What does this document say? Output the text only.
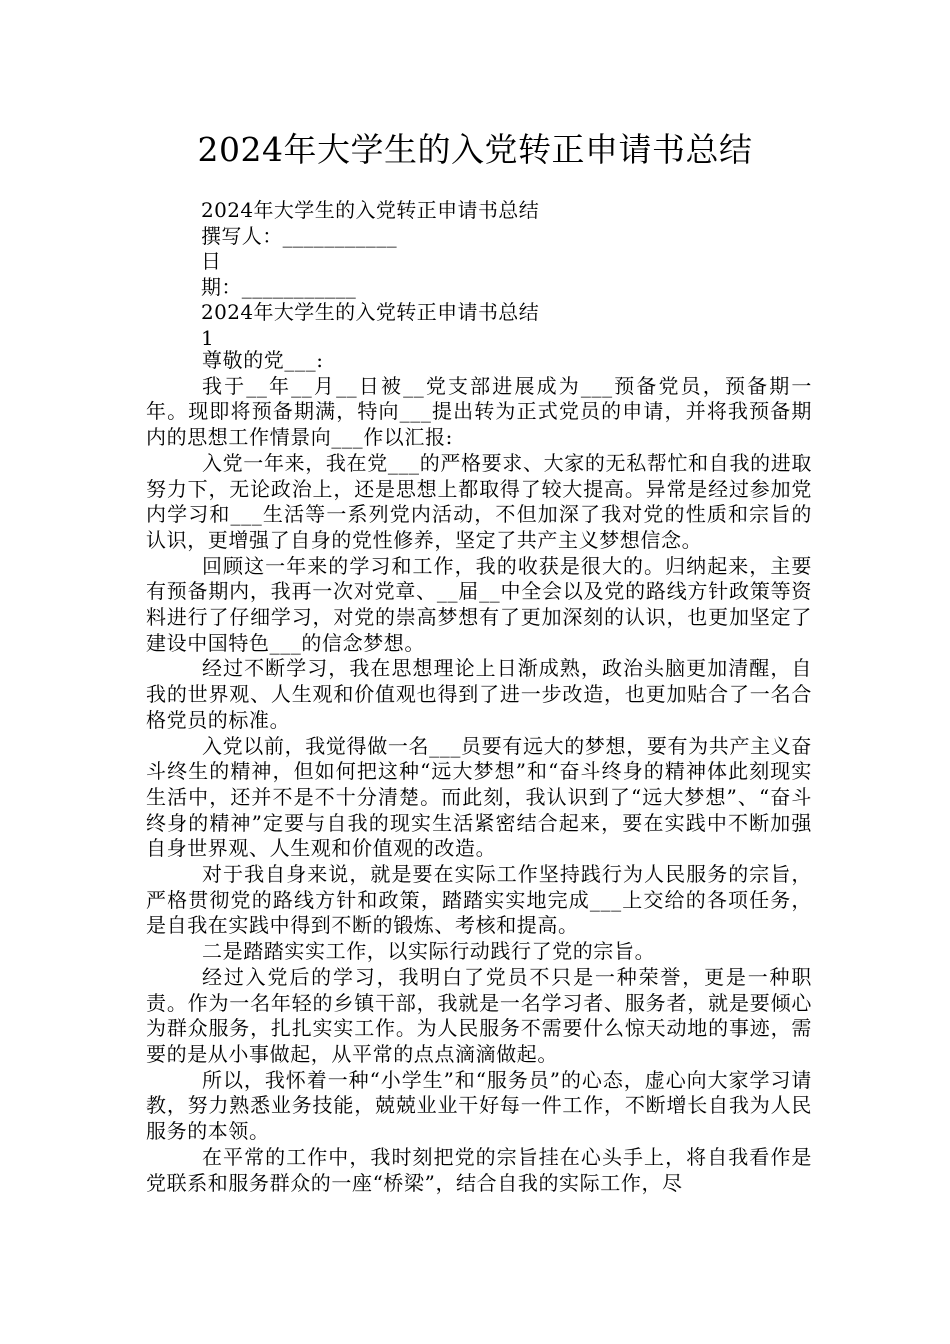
2024年大学生的入党转正申请书总结
2024年大学生的入党转正申请书总结
撰写人：___________
日
期：___________
2024年大学生的入党转正申请书总结
1

尊敬的党___:

我于__年__月__日被__党支部进展成为___预备党员，预备期一年。现即将预备期满，特向___提出转为正式党员的申请，并将我预备期内的思想工作情景向___作以汇报:

入党一年来，我在党___的严格要求、大家的无私帮忙和自我的进取努力下，无论政治上，还是思想上都取得了较大提高。异常是经过参加党内学习和___生活等一系列党内活动，不但加深了我对党的性质和宗旨的认识，更增强了自身的党性修养，坚定了共产主义梦想信念。

回顾这一年来的学习和工作，我的收获是很大的。归纳起来，主要有预备期内，我再一次对党章、__届__中全会以及党的路线方针政策等资料进行了仔细学习，对党的崇高梦想有了更加深刻的认识，也更加坚定了建设中国特色___的信念梦想。

经过不断学习，我在思想理论上日渐成熟，政治头脑更加清醒，自我的世界观、人生观和价值观也得到了进一步改造，也更加贴合了一名合格党员的标准。

入党以前，我觉得做一名___员要有远大的梦想，要有为共产主义奋斗终生的精神，但如何把这种“远大梦想”和“奋斗终身的精神体此刻现实生活中，还并不是不十分清楚。而此刻，我认识到了“远大梦想”、“奋斗终身的精神”定要与自我的现实生活紧密结合起来，要在实践中不断加强自身世界观、人生观和价值观的改造。

对于我自身来说，就是要在实际工作坚持践行为人民服务的宗旨，严格贯彻党的路线方针和政策，踏踏实实地完成___上交给的各项任务，是自我在实践中得到不断的锻炼、考核和提高。

二是踏踏实实工作，以实际行动践行了党的宗旨。

经过入党后的学习，我明白了党员不只是一种荣誉，更是一种职责。作为一名年轻的乡镇干部，我就是一名学习者、服务者，就是要倾心为群众服务，扎扎实实工作。为人民服务不需要什么惊天动地的事迹，需要的是从小事做起，从平常的点点滴滴做起。

所以，我怀着一种“小学生”和“服务员”的心态，虚心向大家学习请教，努力熟悉业务技能，兢兢业业干好每一件工作，不断增长自我为人民服务的本领。

在平常的工作中，我时刻把党的宗旨挂在心头手上，将自我看作是党联系和服务群众的一座“桥梁”，结合自我的实际工作，尽
